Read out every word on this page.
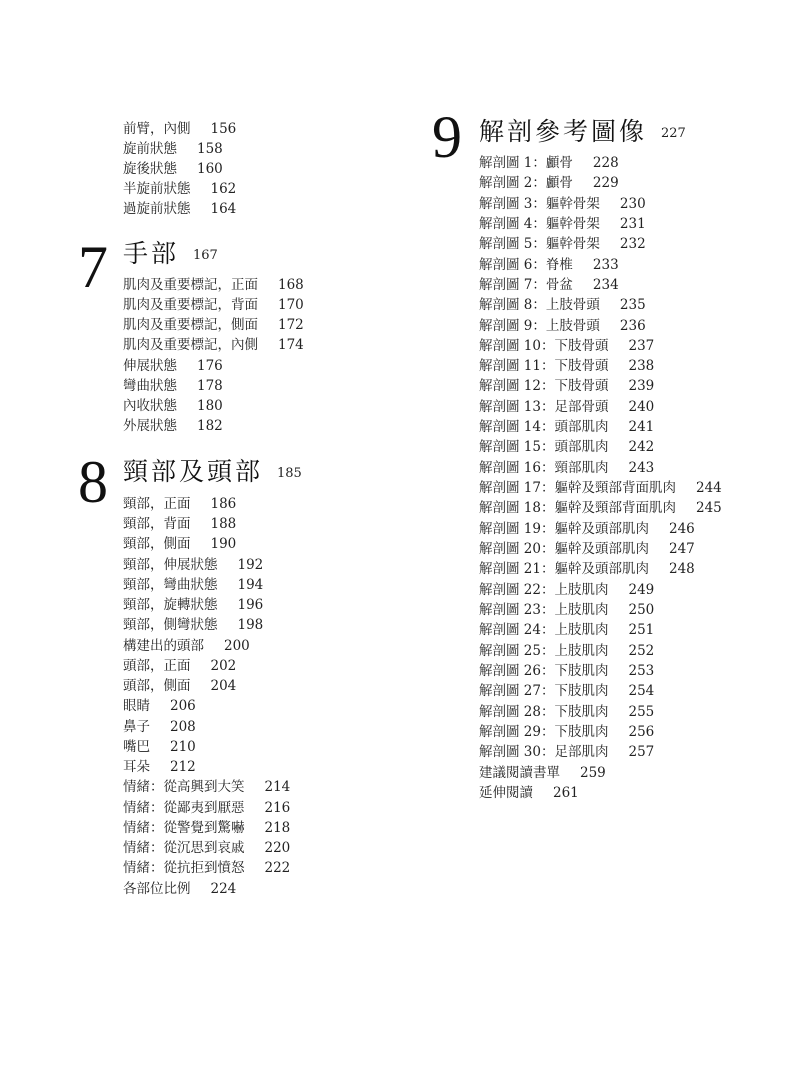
前臂，內側 156
旋前狀態 158
旋後狀態 160
半旋前狀態 162
過旋前狀態 164
7 手部 167
肌肉及重要標記，正面 168
肌肉及重要標記，背面 170
肌肉及重要標記，側面 172
肌肉及重要標記，內側 174
伸展狀態 176
彎曲狀態 178
內收狀態 180
外展狀態 182
8 頸部及頭部 185
頸部，正面 186
頸部，背面 188
頸部，側面 190
頸部，伸展狀態 192
頸部，彎曲狀態 194
頸部，旋轉狀態 196
頸部，側彎狀態 198
構建出的頭部 200
頭部，正面 202
頭部，側面 204
眼睛 206
鼻子 208
嘴巴 210
耳朵 212
情緒：從高興到大笑 214
情緒：從鄙夷到厭惡 216
情緒：從警覺到驚嚇 218
情緒：從沉思到哀戚 220
情緒：從抗拒到憤怒 222
各部位比例 224
9 解剖參考圖像 227
解剖圖 1：顱骨 228
解剖圖 2：顱骨 229
解剖圖 3：軀幹骨架 230
解剖圖 4：軀幹骨架 231
解剖圖 5：軀幹骨架 232
解剖圖 6：脊椎 233
解剖圖 7：骨盆 234
解剖圖 8：上肢骨頭 235
解剖圖 9：上肢骨頭 236
解剖圖 10：下肢骨頭 237
解剖圖 11：下肢骨頭 238
解剖圖 12：下肢骨頭 239
解剖圖 13：足部骨頭 240
解剖圖 14：頭部肌肉 241
解剖圖 15：頭部肌肉 242
解剖圖 16：頸部肌肉 243
解剖圖 17：軀幹及頸部背面肌肉 244
解剖圖 18：軀幹及頸部背面肌肉 245
解剖圖 19：軀幹及頭部肌肉 246
解剖圖 20：軀幹及頭部肌肉 247
解剖圖 21：軀幹及頭部肌肉 248
解剖圖 22：上肢肌肉 249
解剖圖 23：上肢肌肉 250
解剖圖 24：上肢肌肉 251
解剖圖 25：上肢肌肉 252
解剖圖 26：下肢肌肉 253
解剖圖 27：下肢肌肉 254
解剖圖 28：下肢肌肉 255
解剖圖 29：下肢肌肉 256
解剖圖 30：足部肌肉 257
建議閱讀書單 259
延伸閱讀 261
